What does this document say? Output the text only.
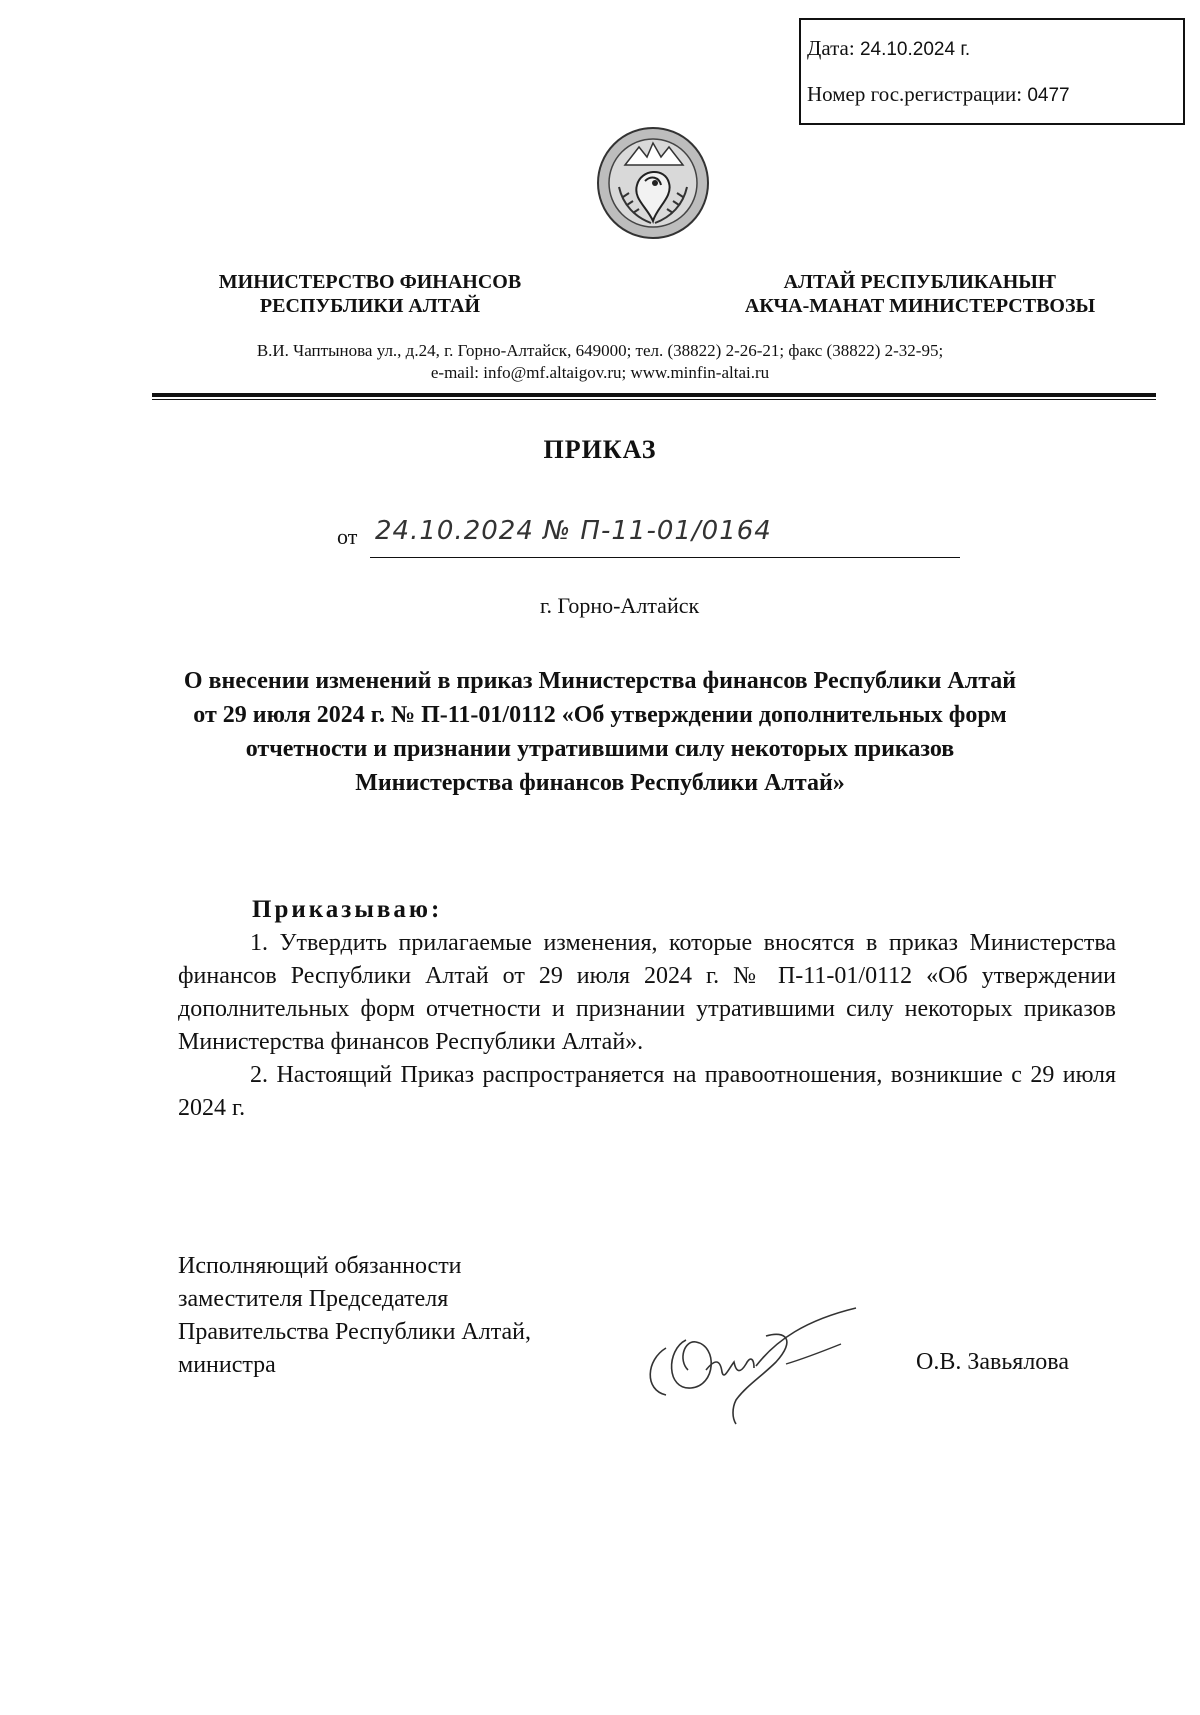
Дата: 24.10.2024 г.
Номер гос.регистрации: 0477
МИНИСТЕРСТВО ФИНАНСОВ
РЕСПУБЛИКИ АЛТАЙ
АЛТАЙ РЕСПУБЛИКАНЫҤ
АКЧА-МАНАТ МИНИСТЕРСТВОЗЫ
В.И. Чаптынова ул., д.24, г. Горно-Алтайск, 649000; тел. (38822) 2-26-21; факс (38822) 2-32-95;
e-mail: info@mf.altaigov.ru; www.minfin-altai.ru
ПРИКАЗ
от 24.10.2024 № П-11-01/0164
г. Горно-Алтайск
О внесении изменений в приказ Министерства финансов Республики Алтай от 29 июля 2024 г. № П-11-01/0112 «Об утверждении дополнительных форм отчетности и признании утратившими силу некоторых приказов Министерства финансов Республики Алтай»
Приказываю:

1. Утвердить прилагаемые изменения, которые вносятся в приказ Министерства финансов Республики Алтай от 29 июля 2024 г. № П-11-01/0112 «Об утверждении дополнительных форм отчетности и признании утратившими силу некоторых приказов Министерства финансов Республики Алтай».

2. Настоящий Приказ распространяется на правоотношения, возникшие с 29 июля 2024 г.

Исполняющий обязанности
заместителя Председателя
Правительства Республики Алтай,
министра	О.В. Завьялова
